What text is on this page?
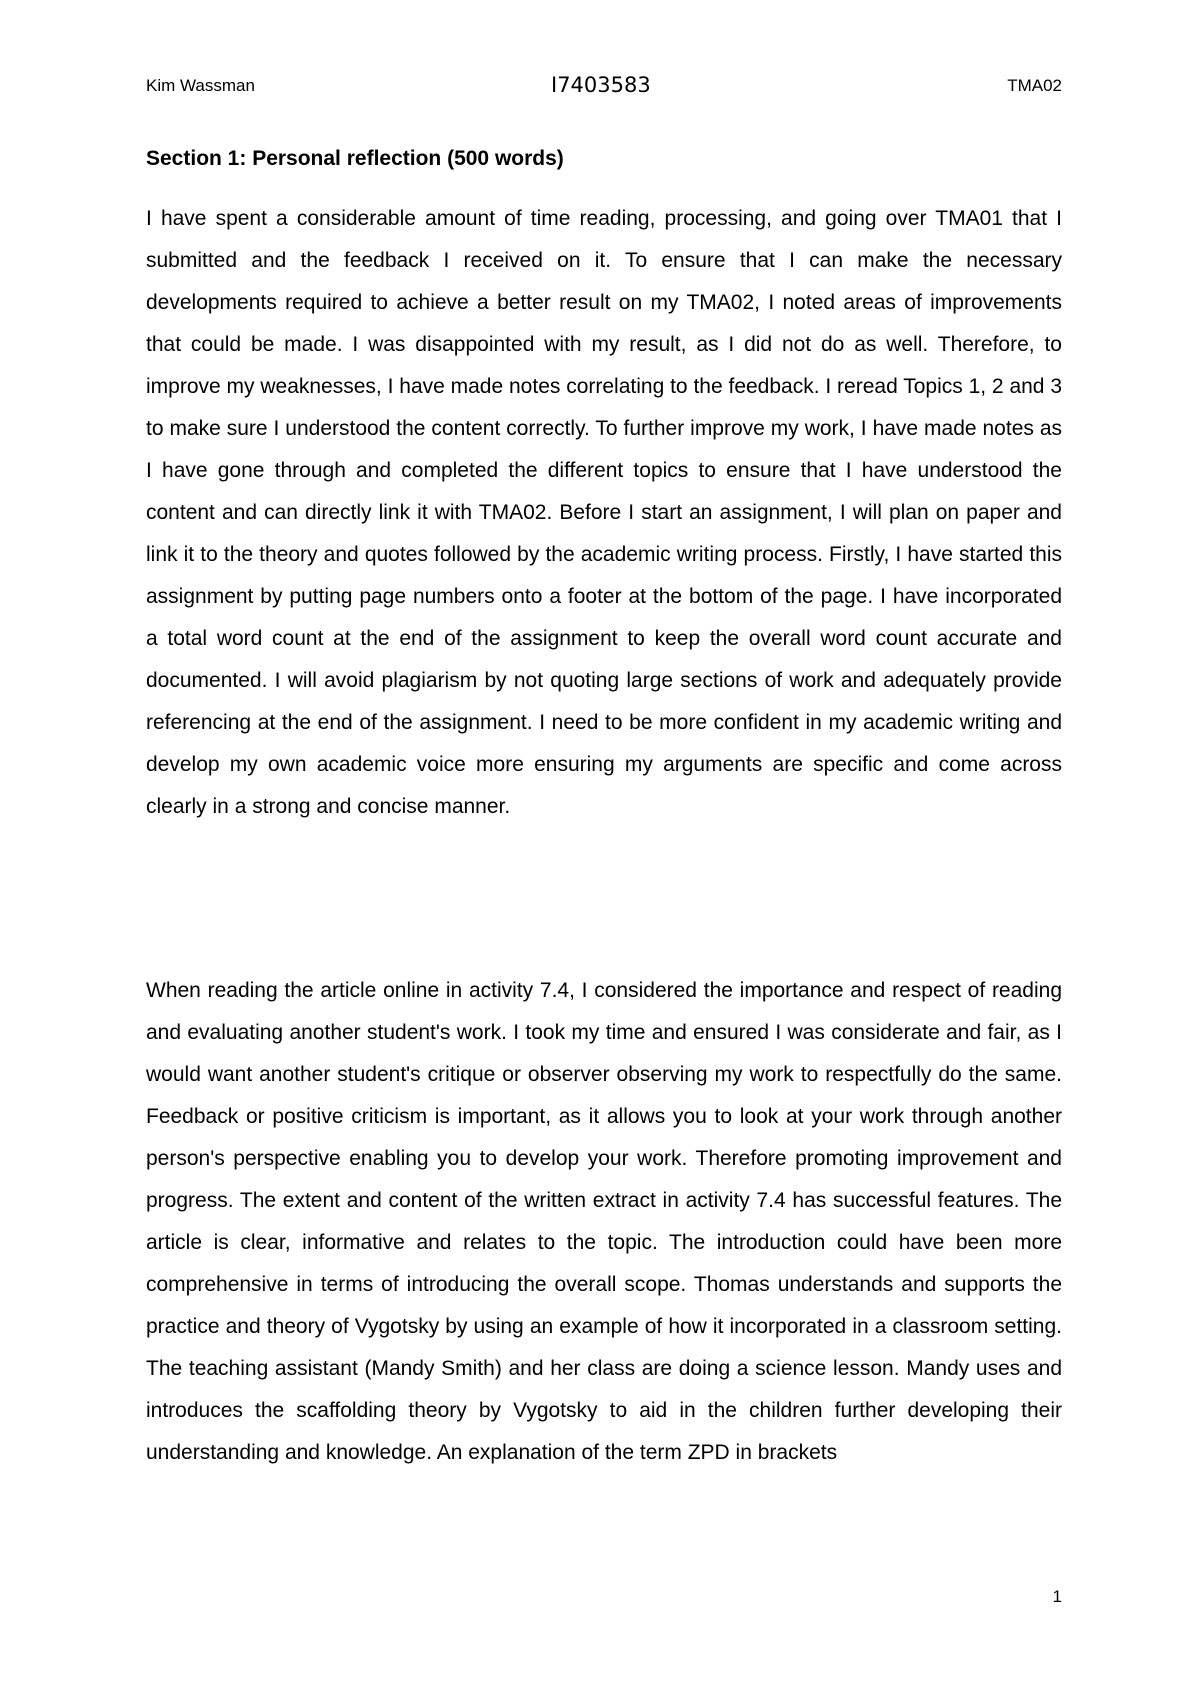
Kim Wassman	I7403583	TMA02
Section 1: Personal reflection (500 words)

I have spent a considerable amount of time reading, processing, and going over TMA01 that I submitted and the feedback I received on it. To ensure that I can make the necessary developments required to achieve a better result on my TMA02, I noted areas of improvements that could be made. I was disappointed with my result, as I did not do as well. Therefore, to improve my weaknesses, I have made notes correlating to the feedback. I reread Topics 1, 2 and 3 to make sure I understood the content correctly. To further improve my work, I have made notes as I have gone through and completed the different topics to ensure that I have understood the content and can directly link it with TMA02. Before I start an assignment, I will plan on paper and link it to the theory and quotes followed by the academic writing process. Firstly, I have started this assignment by putting page numbers onto a footer at the bottom of the page. I have incorporated a total word count at the end of the assignment to keep the overall word count accurate and documented. I will avoid plagiarism by not quoting large sections of work and adequately provide referencing at the end of the assignment. I need to be more confident in my academic writing and develop my own academic voice more ensuring my arguments are specific and come across clearly in a strong and concise manner.

When reading the article online in activity 7.4, I considered the importance and respect of reading and evaluating another student's work. I took my time and ensured I was considerate and fair, as I would want another student's critique or observer observing my work to respectfully do the same. Feedback or positive criticism is important, as it allows you to look at your work through another person's perspective enabling you to develop your work. Therefore promoting improvement and progress. The extent and content of the written extract in activity 7.4 has successful features. The article is clear, informative and relates to the topic. The introduction could have been more comprehensive in terms of introducing the overall scope. Thomas understands and supports the practice and theory of Vygotsky by using an example of how it incorporated in a classroom setting. The teaching assistant (Mandy Smith) and her class are doing a science lesson. Mandy uses and introduces the scaffolding theory by Vygotsky to aid in the children further developing their understanding and knowledge. An explanation of the term ZPD in brackets

1
